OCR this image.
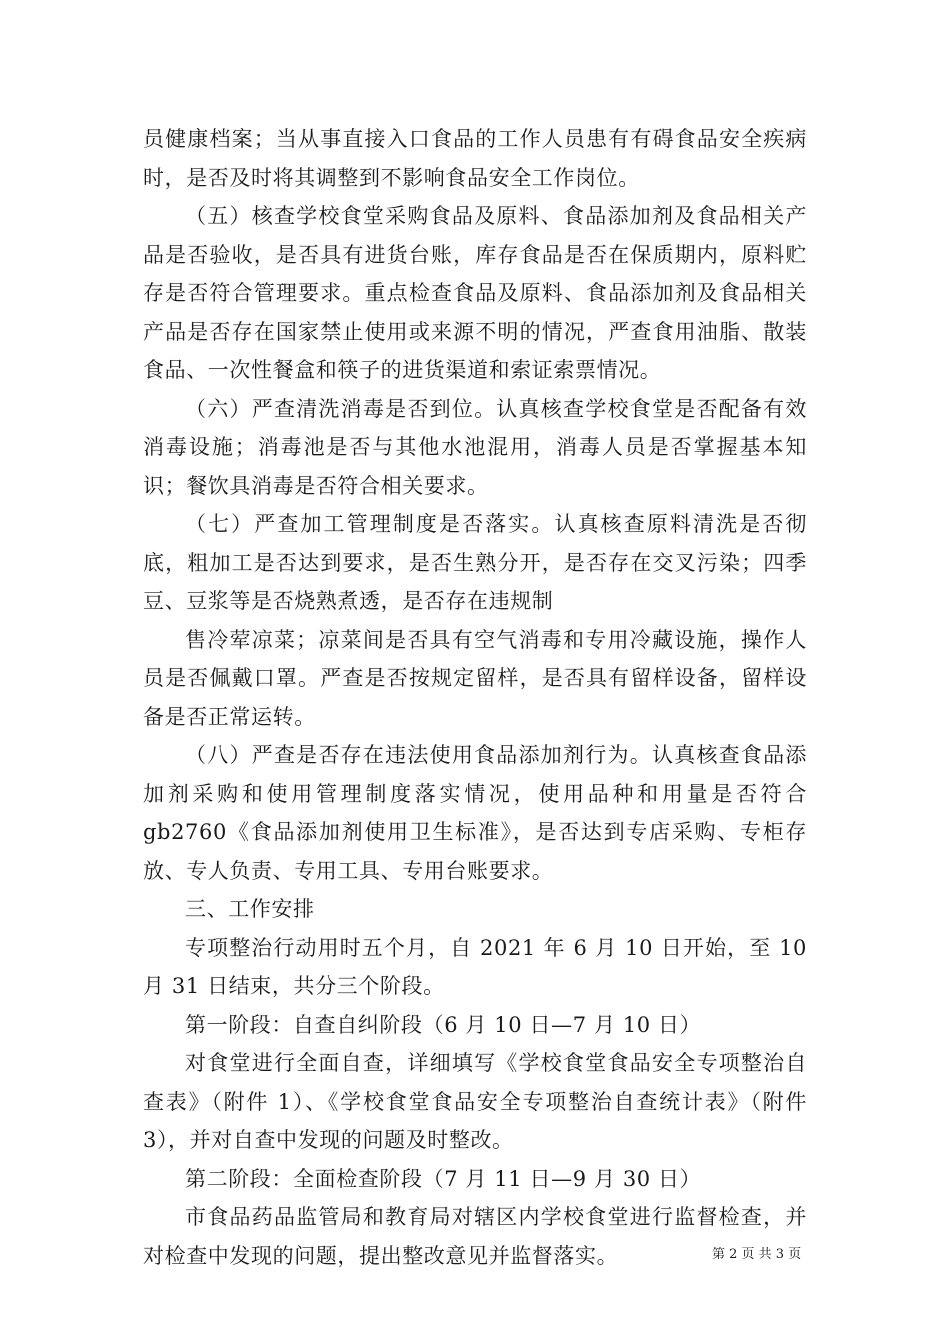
员健康档案；当从事直接入口食品的工作人员患有有碍食品安全疾病时，是否及时将其调整到不影响食品安全工作岗位。

（五）核查学校食堂采购食品及原料、食品添加剂及食品相关产品是否验收，是否具有进货台账，库存食品是否在保质期内，原料贮存是否符合管理要求。重点检查食品及原料、食品添加剂及食品相关产品是否存在国家禁止使用或来源不明的情况，严查食用油脂、散装食品、一次性餐盒和筷子的进货渠道和索证索票情况。

（六）严查清洗消毒是否到位。认真核查学校食堂是否配备有效消毒设施；消毒池是否与其他水池混用，消毒人员是否掌握基本知识；餐饮具消毒是否符合相关要求。

（七）严查加工管理制度是否落实。认真核查原料清洗是否彻底，粗加工是否达到要求，是否生熟分开，是否存在交叉污染；四季豆、豆浆等是否烧熟煮透，是否存在违规制

售冷荤凉菜；凉菜间是否具有空气消毒和专用冷藏设施，操作人员是否佩戴口罩。严查是否按规定留样，是否具有留样设备，留样设备是否正常运转。

（八）严查是否存在违法使用食品添加剂行为。认真核查食品添加剂采购和使用管理制度落实情况，使用品种和用量是否符合gb2760《食品添加剂使用卫生标准》，是否达到专店采购、专柜存放、专人负责、专用工具、专用台账要求。

三、工作安排

专项整治行动用时五个月，自 2021 年 6 月 10 日开始，至 10 月 31 日结束，共分三个阶段。

第一阶段：自查自纠阶段（6 月 10 日—7 月 10 日）

对食堂进行全面自查，详细填写《学校食堂食品安全专项整治自查表》（附件 1）、《学校食堂食品安全专项整治自查统计表》（附件 3），并对自查中发现的问题及时整改。

第二阶段：全面检查阶段（7 月 11 日—9 月 30 日）

市食品药品监管局和教育局对辖区内学校食堂进行监督检查，并对检查中发现的问题，提出整改意见并监督落实。	第 2 页 共 3 页
